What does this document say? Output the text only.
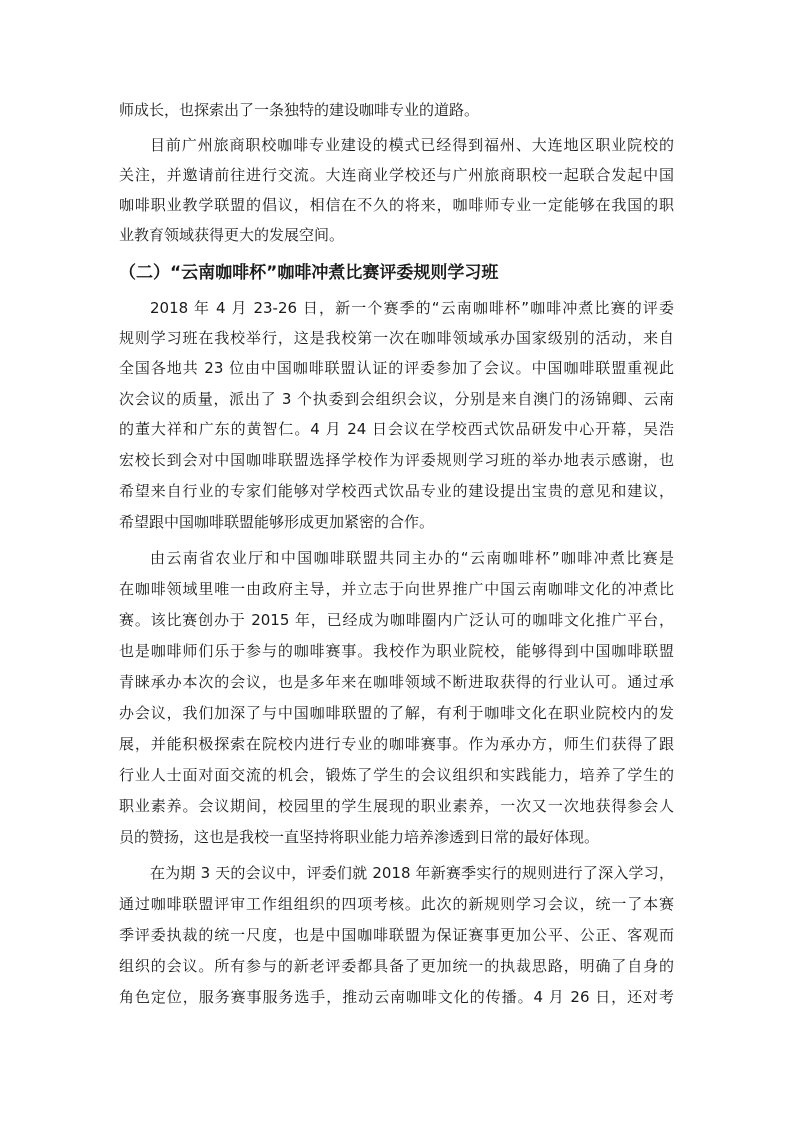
师成长，也探索出了一条独特的建设咖啡专业的道路。
目前广州旅商职校咖啡专业建设的模式已经得到福州、大连地区职业院校的
关注，并邀请前往进行交流。大连商业学校还与广州旅商职校一起联合发起中国
咖啡职业教学联盟的倡议，相信在不久的将来，咖啡师专业一定能够在我国的职
业教育领域获得更大的发展空间。
（二）“云南咖啡杯”咖啡冲煮比赛评委规则学习班
2018 年 4 月 23-26 日，新一个赛季的“云南咖啡杯”咖啡冲煮比赛的评委
规则学习班在我校举行，这是我校第一次在咖啡领域承办国家级别的活动，来自
全国各地共 23 位由中国咖啡联盟认证的评委参加了会议。中国咖啡联盟重视此
次会议的质量，派出了 3 个执委到会组织会议，分别是来自澳门的汤锦卿、云南
的董大祥和广东的黄智仁。4 月 24 日会议在学校西式饮品研发中心开幕，吴浩
宏校长到会对中国咖啡联盟选择学校作为评委规则学习班的举办地表示感谢，也
希望来自行业的专家们能够对学校西式饮品专业的建设提出宝贵的意见和建议，
希望跟中国咖啡联盟能够形成更加紧密的合作。
由云南省农业厅和中国咖啡联盟共同主办的“云南咖啡杯”咖啡冲煮比赛是
在咖啡领域里唯一由政府主导，并立志于向世界推广中国云南咖啡文化的冲煮比
赛。该比赛创办于 2015 年，已经成为咖啡圈内广泛认可的咖啡文化推广平台，
也是咖啡师们乐于参与的咖啡赛事。我校作为职业院校，能够得到中国咖啡联盟
青睐承办本次的会议，也是多年来在咖啡领域不断进取获得的行业认可。通过承
办会议，我们加深了与中国咖啡联盟的了解，有利于咖啡文化在职业院校内的发
展，并能积极探索在院校内进行专业的咖啡赛事。作为承办方，师生们获得了跟
行业人士面对面交流的机会，锻炼了学生的会议组织和实践能力，培养了学生的
职业素养。会议期间，校园里的学生展现的职业素养，一次又一次地获得参会人
员的赞扬，这也是我校一直坚持将职业能力培养渗透到日常的最好体现。
在为期 3 天的会议中，评委们就 2018 年新赛季实行的规则进行了深入学习，
通过咖啡联盟评审工作组组织的四项考核。此次的新规则学习会议，统一了本赛
季评委执裁的统一尺度，也是中国咖啡联盟为保证赛事更加公平、公正、客观而
组织的会议。所有参与的新老评委都具备了更加统一的执裁思路，明确了自身的
角色定位，服务赛事服务选手，推动云南咖啡文化的传播。4 月 26 日，还对考
